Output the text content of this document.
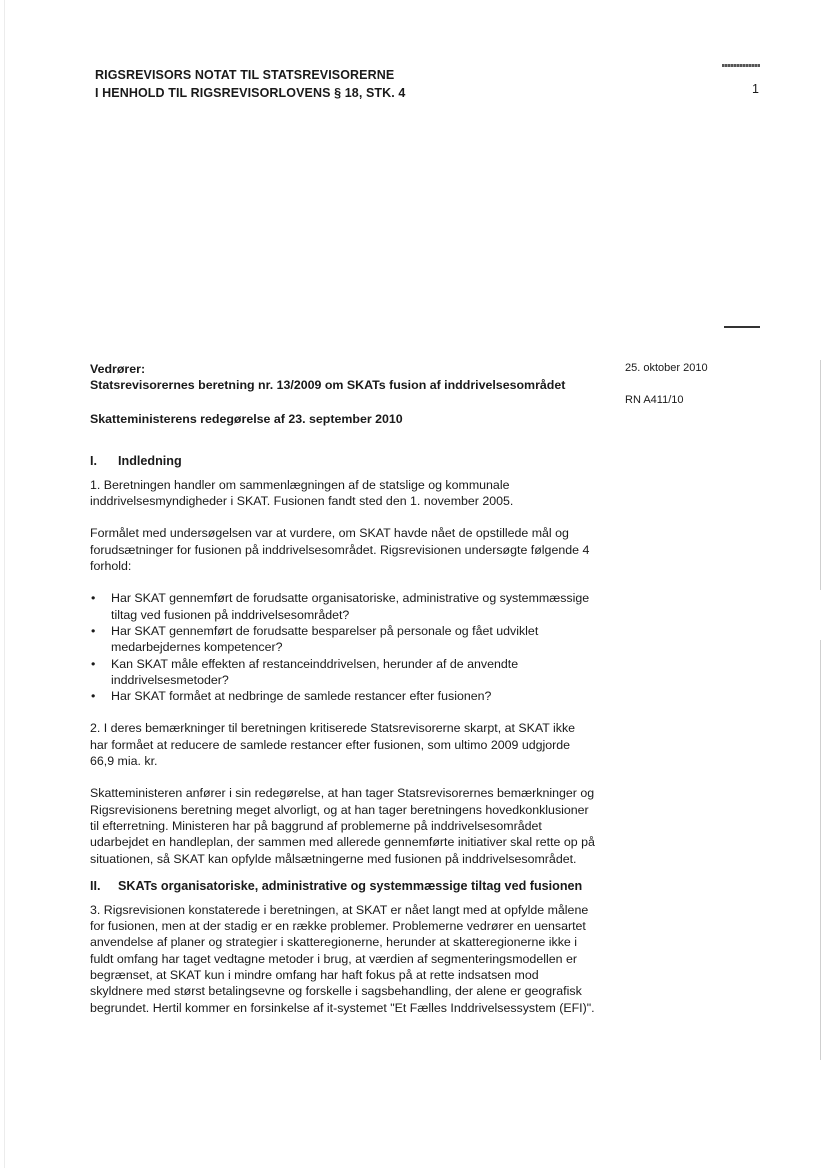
RIGSREVISORS NOTAT TIL STATSREVISORERNE
I HENHOLD TIL RIGSREVISORLOVENS § 18, STK. 4	1
25. oktober 2010
RN A411/10
Vedrører:
Statsrevisorernes beretning nr. 13/2009 om SKATs fusion af inddrivelsesområdet
Skatteministerens redegørelse af 23. september 2010
I. Indledning

1. Beretningen handler om sammenlægningen af de statslige og kommunale inddrivelsesmyndigheder i SKAT. Fusionen fandt sted den 1. november 2005.

Formålet med undersøgelsen var at vurdere, om SKAT havde nået de opstillede mål og forudsætninger for fusionen på inddrivelsesområdet. Rigsrevisionen undersøgte følgende 4 forhold:

• Har SKAT gennemført de forudsatte organisatoriske, administrative og systemmæssige tiltag ved fusionen på inddrivelsesområdet?
• Har SKAT gennemført de forudsatte besparelser på personale og fået udviklet medarbejdernes kompetencer?
• Kan SKAT måle effekten af restanceinddrivelsen, herunder af de anvendte inddrivelsesmetoder?
• Har SKAT formået at nedbringe de samlede restancer efter fusionen?

2. I deres bemærkninger til beretningen kritiserede Statsrevisorerne skarpt, at SKAT ikke har formået at reducere de samlede restancer efter fusionen, som ultimo 2009 udgjorde 66,9 mia. kr.

Skatteministeren anfører i sin redegørelse, at han tager Statsrevisorernes bemærkninger og Rigsrevisionens beretning meget alvorligt, og at han tager beretningens hovedkonklusioner til efterretning. Ministeren har på baggrund af problemerne på inddrivelsesområdet udarbejdet en handleplan, der sammen med allerede gennemførte initiativer skal rette op på situationen, så SKAT kan opfylde målsætningerne med fusionen på inddrivelsesområdet.

II. SKATs organisatoriske, administrative og systemmæssige tiltag ved fusionen

3. Rigsrevisionen konstaterede i beretningen, at SKAT er nået langt med at opfylde målene for fusionen, men at der stadig er en række problemer. Problemerne vedrører en uensartet anvendelse af planer og strategier i skatteregionerne, herunder at skatteregionerne ikke i fuldt omfang har taget vedtagne metoder i brug, at værdien af segmenteringsmodellen er begrænset, at SKAT kun i mindre omfang har haft fokus på at rette indsatsen mod skyldnere med størst betalingsevne og forskelle i sagsbehandling, der alene er geografisk begrundet. Hertil kommer en forsinkelse af it-systemet "Et Fælles Inddrivelsessystem (EFI)".
